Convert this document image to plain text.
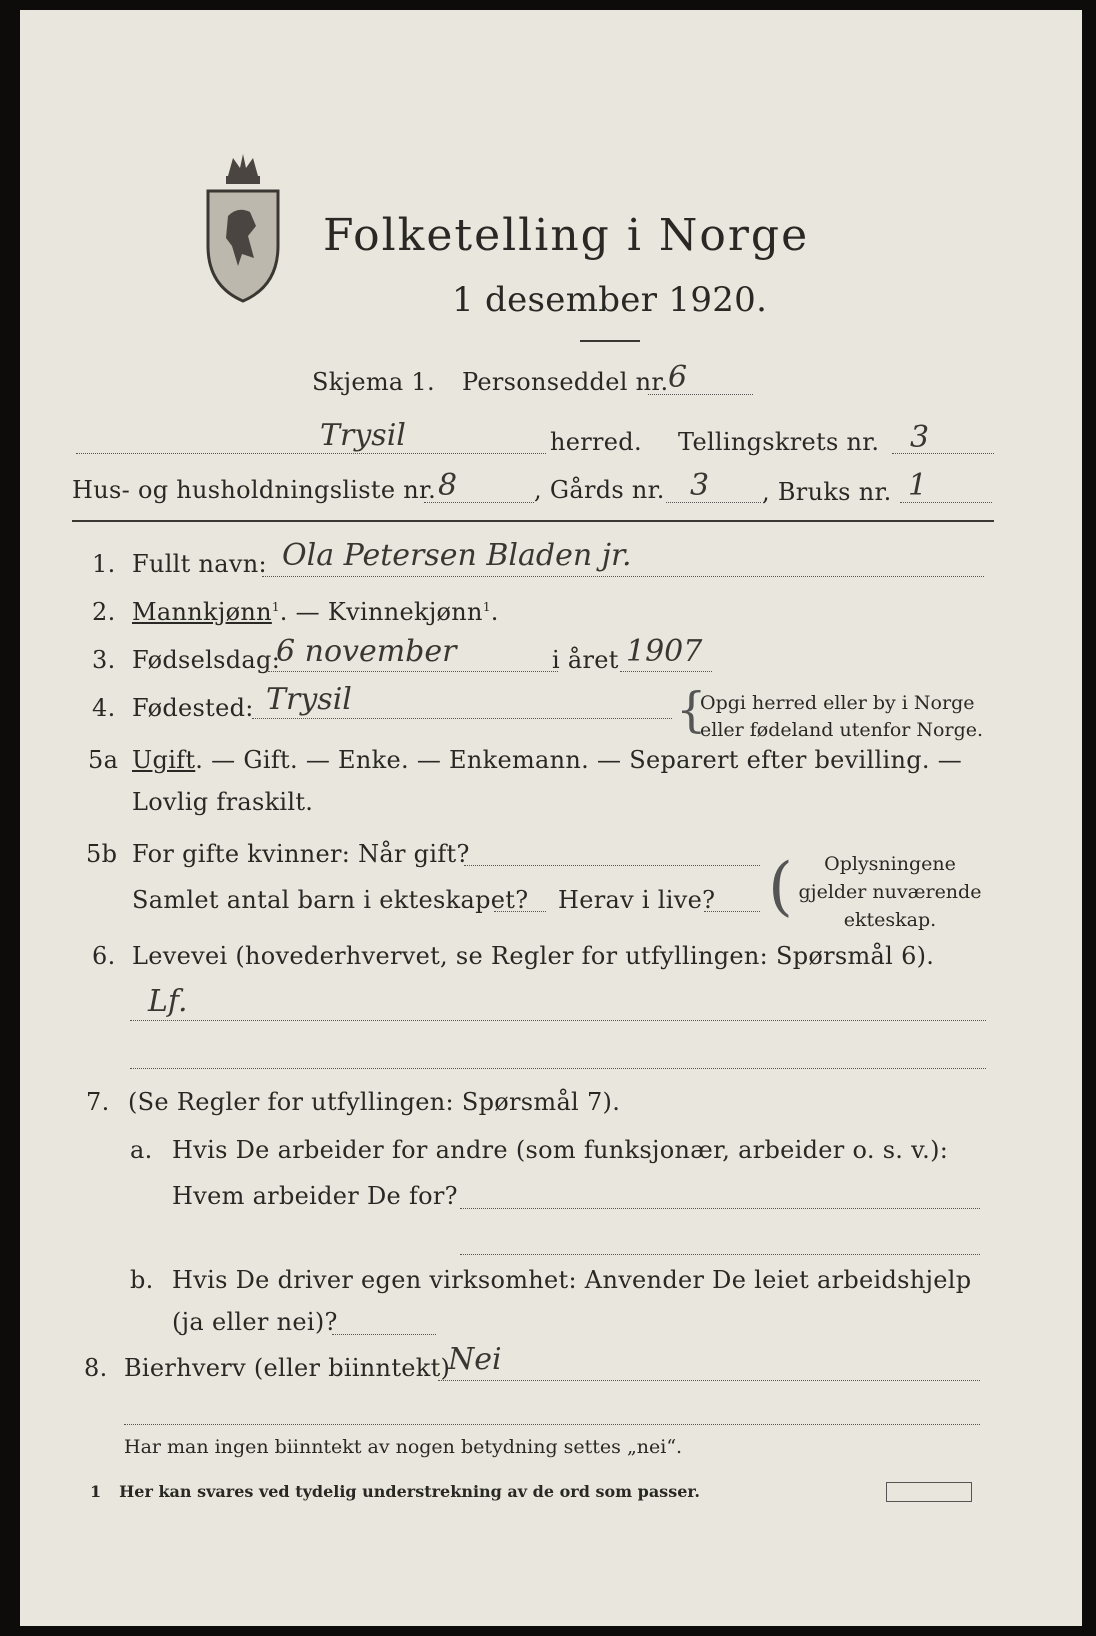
Folketelling i Norge
1 desember 1920.
Skjema 1. Personseddel nr. 6
Trysil	herred. Tellingskrets nr. 3
Hus- og husholdningsliste nr. 8	, Gårds nr. 3 , Bruks nr. 1
1. Fullt navn: Ola Petersen Bladen jr.
2. Mannkjønn$^1$. — Kvinnekjønn$^1$.
3. Fødselsdag:
6 november	i året 1907
4. Fødested: Trysil	{
Opgi herred eller by i Norge
eller fødeland utenfor Norge.
5a Ugift. — Gift. — Enke. — Enkemann. — Separert efter bevilling. —
Lovlig fraskilt.
5b For gifte kvinner: Når gift?
Samlet antal barn i ekteskapet? Herav i live? (	Oplysningene
gjelder nuværende
ekteskap.
6. Levevei (hovederhvervet, se Regler for utfyllingen: Spørsmål 6).
Lf.
7. (Se Regler for utfyllingen: Spørsmål 7).
a. Hvis De arbeider for andre (som funksjonær, arbeider o. s. v.):
Hvem arbeider De for?
b. Hvis De driver egen virksomhet: Anvender De leiet arbeidshjelp
(ja eller nei)?
8. Bierhverv (eller biinntekt)
Nei
Har man ingen biinntekt av nogen betydning settes „nei“.
1 Her kan svares ved tydelig understrekning av de ord som passer.
